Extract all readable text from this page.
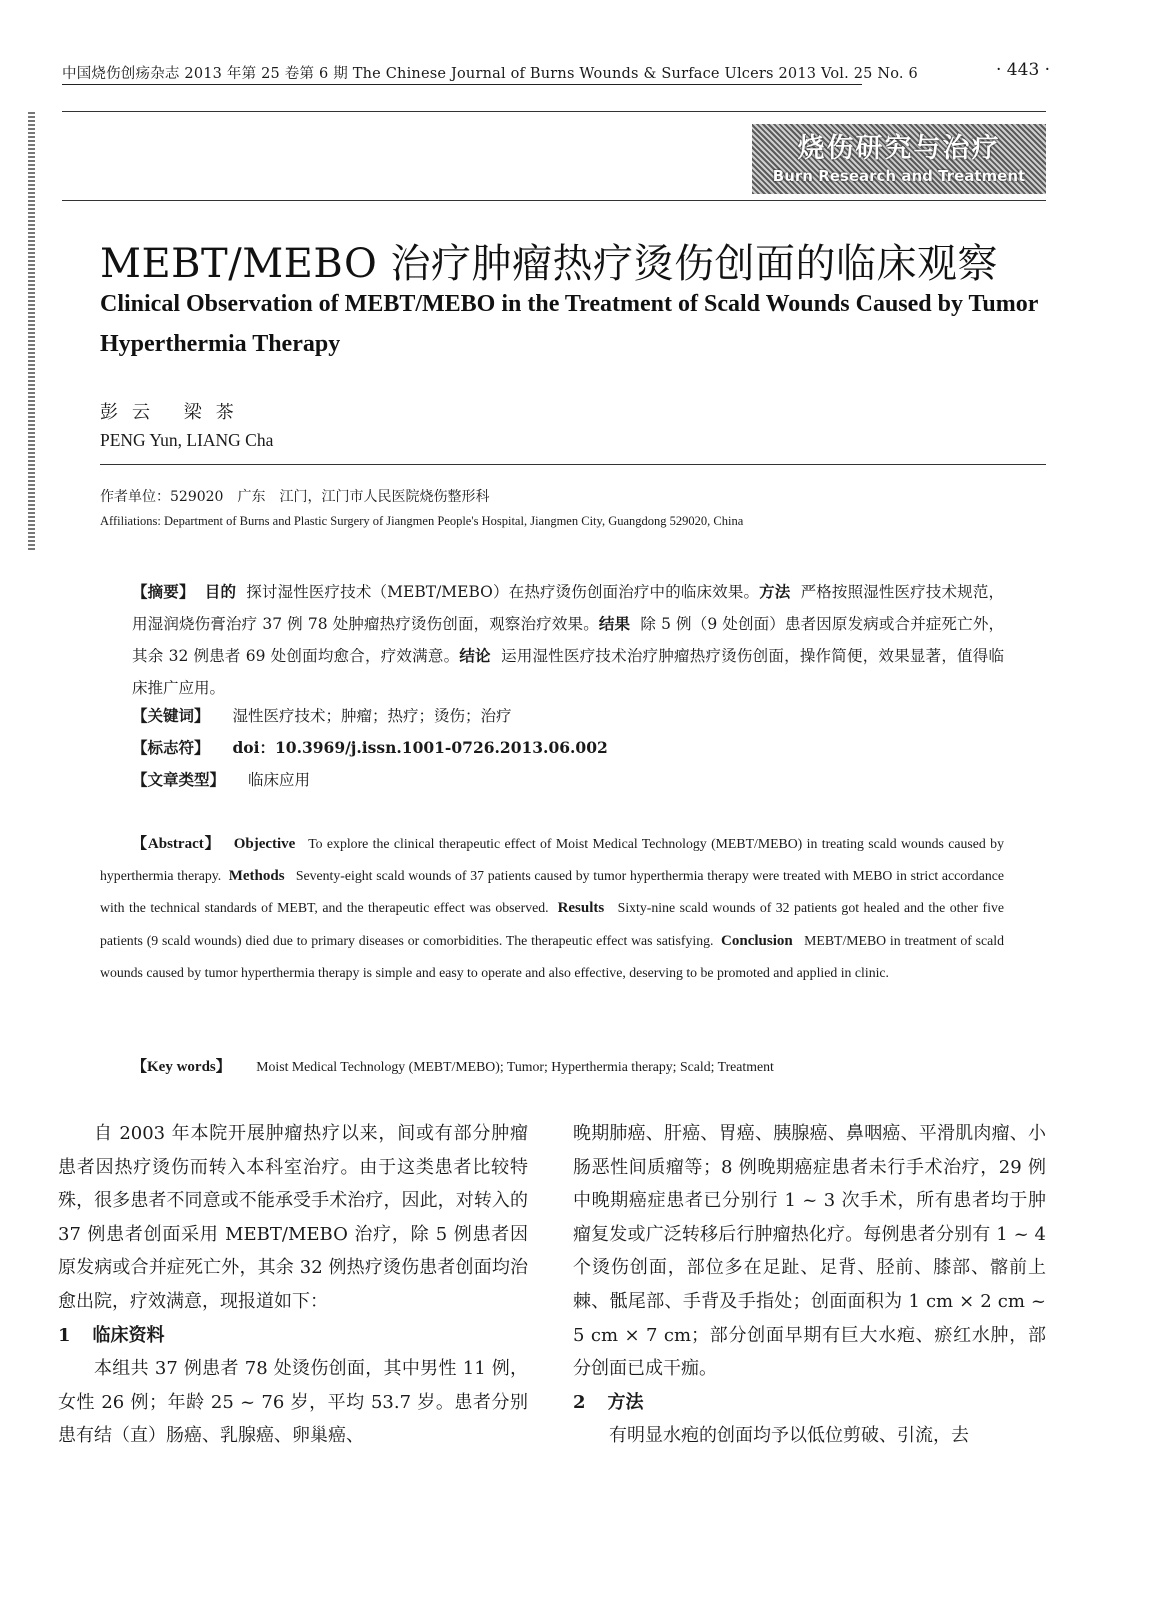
中国烧伤创疡杂志 2013 年第 25 卷第 6 期 The Chinese Journal of Burns Wounds & Surface Ulcers 2013 Vol. 25 No. 6	· 443 ·
烧伤研究与治疗
Burn Research and Treatment
MEBT/MEBO 治疗肿瘤热疗烫伤创面的临床观察
Clinical Observation of MEBT/MEBO in the Treatment of Scald Wounds Caused by Tumor Hyperthermia Therapy
彭云 梁茶
PENG Yun, LIANG Cha
作者单位：529020　广东　江门，江门市人民医院烧伤整形科
Affiliations: Department of Burns and Plastic Surgery of Jiangmen People's Hospital, Jiangmen City, Guangdong 529020, China
【摘要】 目的 探讨湿性医疗技术（MEBT/MEBO）在热疗烫伤创面治疗中的临床效果。方法 严格按照湿性医疗技术规范，用湿润烧伤膏治疗 37 例 78 处肿瘤热疗烫伤创面，观察治疗效果。结果 除 5 例（9 处创面）患者因原发病或合并症死亡外，其余 32 例患者 69 处创面均愈合，疗效满意。结论 运用湿性医疗技术治疗肿瘤热疗烫伤创面，操作简便，效果显著，值得临床推广应用。
【关键词】 湿性医疗技术；肿瘤；热疗；烫伤；治疗
【标志符】 doi：10.3969/j.issn.1001-0726.2013.06.002
【文章类型】 临床应用
【Abstract】 Objective To explore the clinical therapeutic effect of Moist Medical Technology (MEBT/MEBO) in treating scald wounds caused by hyperthermia therapy. Methods Seventy-eight scald wounds of 37 patients caused by tumor hyperthermia therapy were treated with MEBO in strict accordance with the technical standards of MEBT, and the therapeutic effect was observed. Results Sixty-nine scald wounds of 32 patients got healed and the other five patients (9 scald wounds) died due to primary diseases or comorbidities. The therapeutic effect was satisfying. Conclusion MEBT/MEBO in treatment of scald wounds caused by tumor hyperthermia therapy is simple and easy to operate and also effective, deserving to be promoted and applied in clinic.
【Key words】 Moist Medical Technology (MEBT/MEBO); Tumor; Hyperthermia therapy; Scald; Treatment

自 2003 年本院开展肿瘤热疗以来，间或有部分肿瘤患者因热疗烫伤而转入本科室治疗。由于这类患者比较特殊，很多患者不同意或不能承受手术治疗，因此，对转入的 37 例患者创面采用 MEBT/MEBO 治疗，除 5 例患者因原发病或合并症死亡外，其余 32 例热疗烫伤患者创面均治愈出院，疗效满意，现报道如下：

1 临床资料

本组共 37 例患者 78 处烫伤创面，其中男性 11 例，女性 26 例；年龄 25 ~ 76 岁，平均 53.7 岁。患者分别患有结（直）肠癌、乳腺癌、卵巢癌、

晚期肺癌、肝癌、胃癌、胰腺癌、鼻咽癌、平滑肌肉瘤、小肠恶性间质瘤等；8 例晚期癌症患者未行手术治疗，29 例中晚期癌症患者已分别行 1 ~ 3 次手术，所有患者均于肿瘤复发或广泛转移后行肿瘤热化疗。每例患者分别有 1 ~ 4 个烫伤创面，部位多在足趾、足背、胫前、膝部、髂前上棘、骶尾部、手背及手指处；创面面积为 1 cm × 2 cm ~ 5 cm × 7 cm；部分创面早期有巨大水疱、瘀红水肿，部分创面已成干痂。

2 方法

有明显水疱的创面均予以低位剪破、引流，去
